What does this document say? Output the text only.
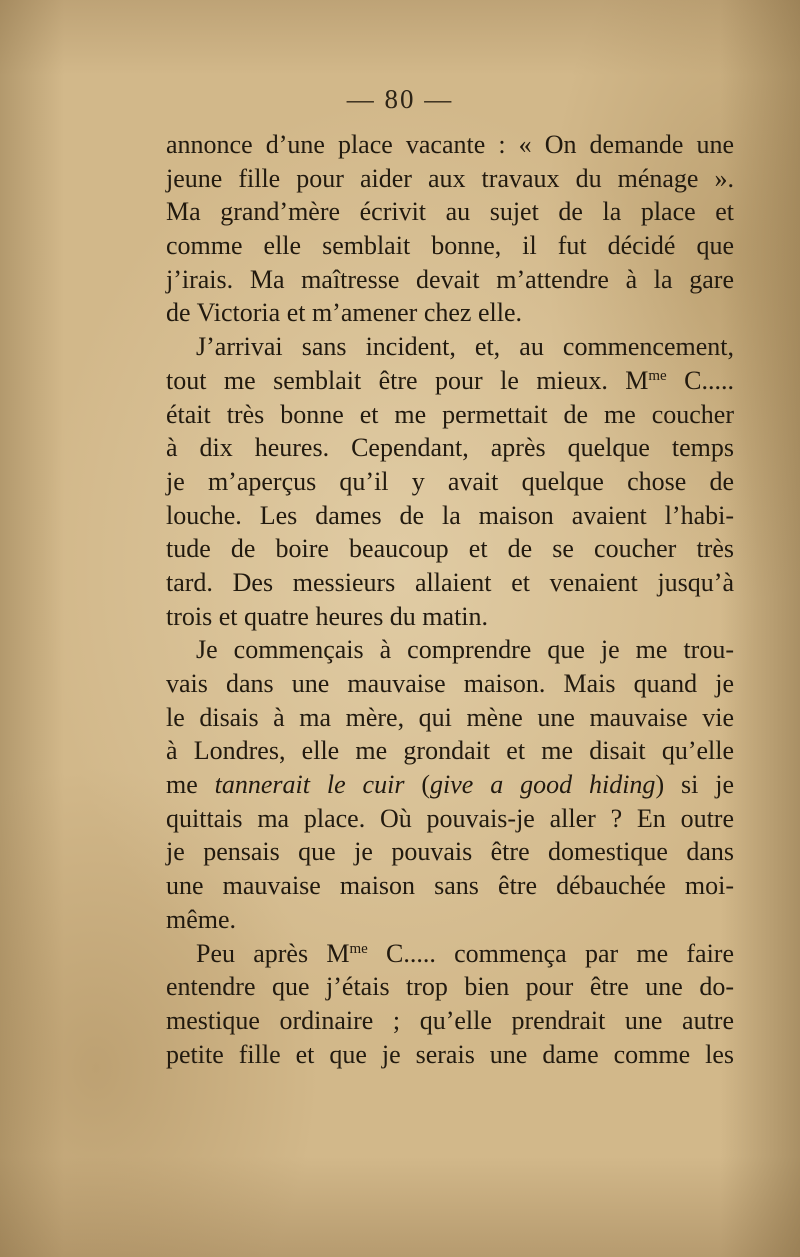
— 80 —
annonce d’une place vacante : « On demande une
jeune fille pour aider aux travaux du ménage ».
Ma grand’mère écrivit au sujet de la place et
comme elle semblait bonne, il fut décidé que
j’irais. Ma maîtresse devait m’attendre à la gare
de Victoria et m’amener chez elle.
J’arrivai sans incident, et, au commencement,
tout me semblait être pour le mieux. $M^{me}$ C.....
était très bonne et me permettait de me coucher
à dix heures. Cependant, après quelque temps
je m’aperçus qu’il y avait quelque chose de
louche. Les dames de la maison avaient l’habi-
tude de boire beaucoup et de se coucher très
tard. Des messieurs allaient et venaient jusqu’à
trois et quatre heures du matin.
Je commençais à comprendre que je me trou-
vais dans une mauvaise maison. Mais quand je
le disais à ma mère, qui mène une mauvaise vie
à Londres, elle me grondait et me disait qu’elle
me tannerait le cuir (give a good hiding) si je
quittais ma place. Où pouvais-je aller ? En outre
je pensais que je pouvais être domestique dans
une mauvaise maison sans être débauchée moi-
même.
Peu après $M^{me}$ C..... commença par me faire
entendre que j’étais trop bien pour être une do-
mestique ordinaire ; qu’elle prendrait une autre
petite fille et que je serais une dame comme les
